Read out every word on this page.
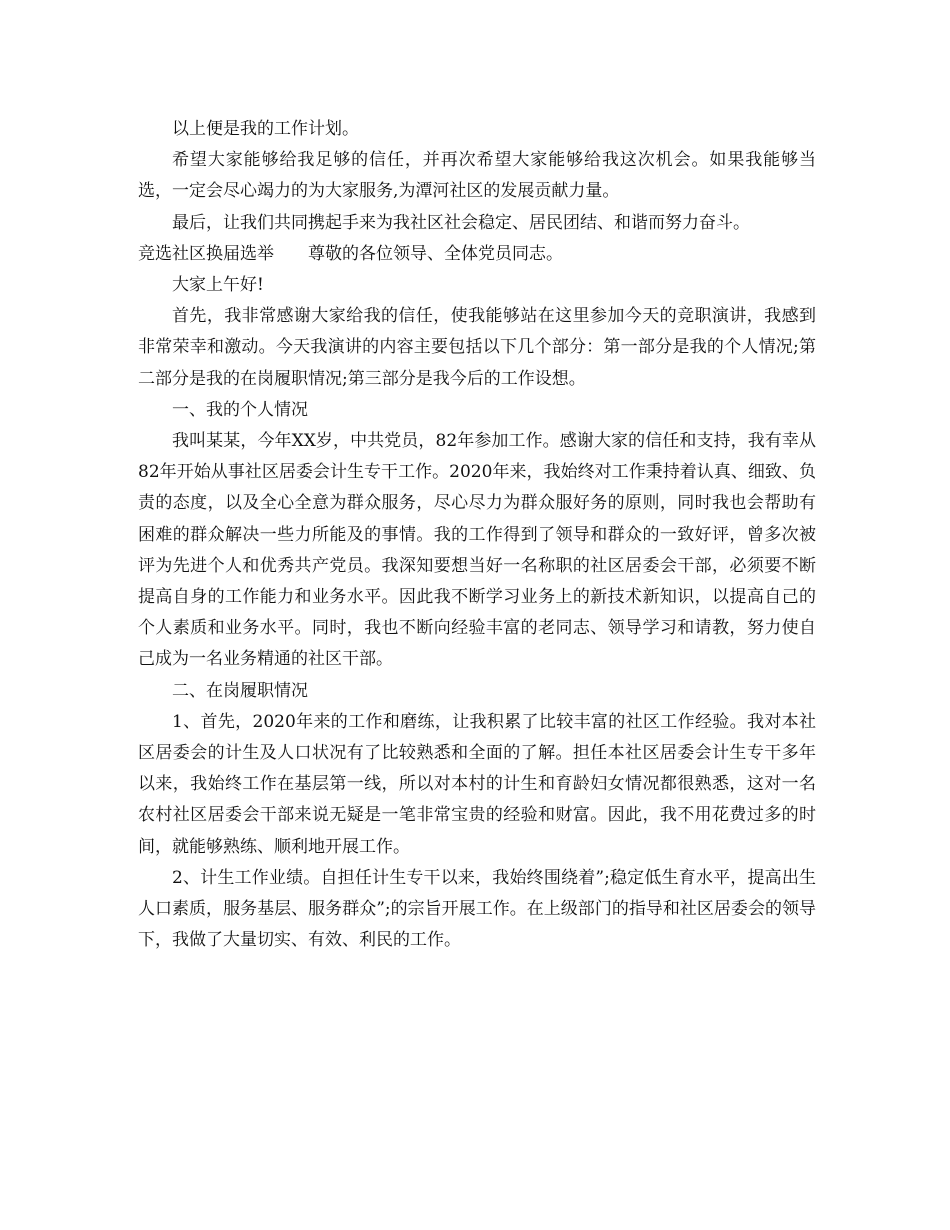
以上便是我的工作计划。

希望大家能够给我足够的信任，并再次希望大家能够给我这次机会。如果我能够当选，一定会尽心竭力的为大家服务,为潭河社区的发展贡献力量。

最后，让我们共同携起手来为我社区社会稳定、居民团结、和谐而努力奋斗。

竞选社区换届选举 尊敬的各位领导、全体党员同志。

大家上午好!

首先，我非常感谢大家给我的信任，使我能够站在这里参加今天的竞职演讲，我感到非常荣幸和激动。今天我演讲的内容主要包括以下几个部分：第一部分是我的个人情况;第二部分是我的在岗履职情况;第三部分是我今后的工作设想。

一、我的个人情况

我叫某某，今年XX岁，中共党员，82年参加工作。感谢大家的信任和支持，我有幸从82年开始从事社区居委会计生专干工作。2020年来，我始终对工作秉持着认真、细致、负责的态度，以及全心全意为群众服务，尽心尽力为群众服好务的原则，同时我也会帮助有困难的群众解决一些力所能及的事情。我的工作得到了领导和群众的一致好评，曾多次被评为先进个人和优秀共产党员。我深知要想当好一名称职的社区居委会干部，必须要不断提高自身的工作能力和业务水平。因此我不断学习业务上的新技术新知识，以提高自己的个人素质和业务水平。同时，我也不断向经验丰富的老同志、领导学习和请教，努力使自己成为一名业务精通的社区干部。

二、在岗履职情况

1、首先，2020年来的工作和磨练，让我积累了比较丰富的社区工作经验。我对本社区居委会的计生及人口状况有了比较熟悉和全面的了解。担任本社区居委会计生专干多年以来，我始终工作在基层第一线，所以对本村的计生和育龄妇女情况都很熟悉，这对一名农村社区居委会干部来说无疑是一笔非常宝贵的经验和财富。因此，我不用花费过多的时间，就能够熟练、顺利地开展工作。

2、计生工作业绩。自担任计生专干以来，我始终围绕着”;稳定低生育水平，提高出生人口素质，服务基层、服务群众”;的宗旨开展工作。在上级部门的指导和社区居委会的领导下，我做了大量切实、有效、利民的工作。
